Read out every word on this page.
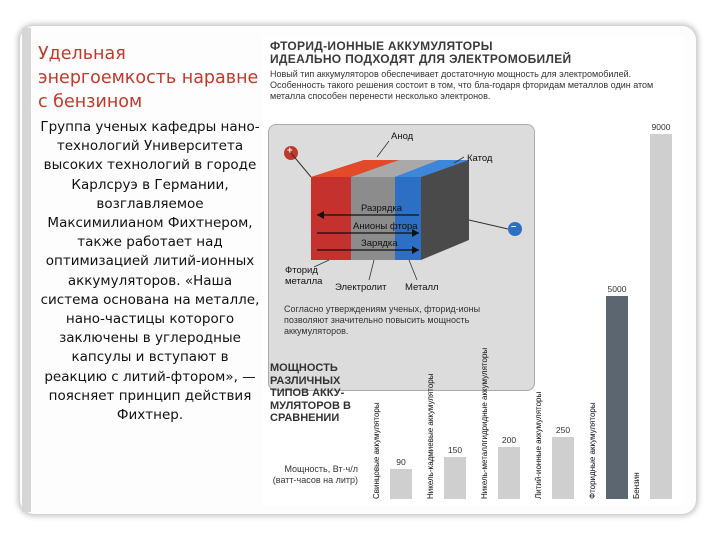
Удельная энергоемкость наравне с бензином
Группа ученых кафедры нано-технологий Университета высоких технологий в городе Карлсруэ в Германии, возглавляемое Максимилианом Фихтнером, также работает над оптимизацией литий-ионных аккумуляторов. «Наша система основана на металле, нано-частицы которого заключены в углеродные капсулы и вступают в реакцию с литий-фтором», — поясняет принцип действия Фихтнер.
ФТОРИД-ИОННЫЕ АККУМУЛЯТОРЫ
ИДЕАЛЬНО ПОДХОДЯТ ДЛЯ ЭЛЕКТРОМОБИЛЕЙ
Новый тип аккумуляторов обеспечивает достаточную мощность для электромобилей. Особенность такого решения состоит в том, что бла-годаря фторидам металлов один атом металла способен перенести несколько электронов.
Анод
Катод
Разрядка
Анионы фтора
Зарядка
+
–
Фторид металла
Электролит Металл
Согласно утверждениям ученых, фторид-ионы позволяют значительно повысить мощность аккумуляторов.
МОЩНОСТЬ РАЗЛИЧНЫХ ТИПОВ АККУ-МУЛЯТОРОВ В СРАВНЕНИИ
Мощность, Вт·ч/л (ватт-часов на литр)
90
Свинцовые аккумуляторы	150
Никель-кадмиевые аккумуляторы	200
Никель-металлгидридные аккумуляторы	250
Литий-ионные аккумуляторы
5000
Фторидные аккумуляторы
9000
Бензин
